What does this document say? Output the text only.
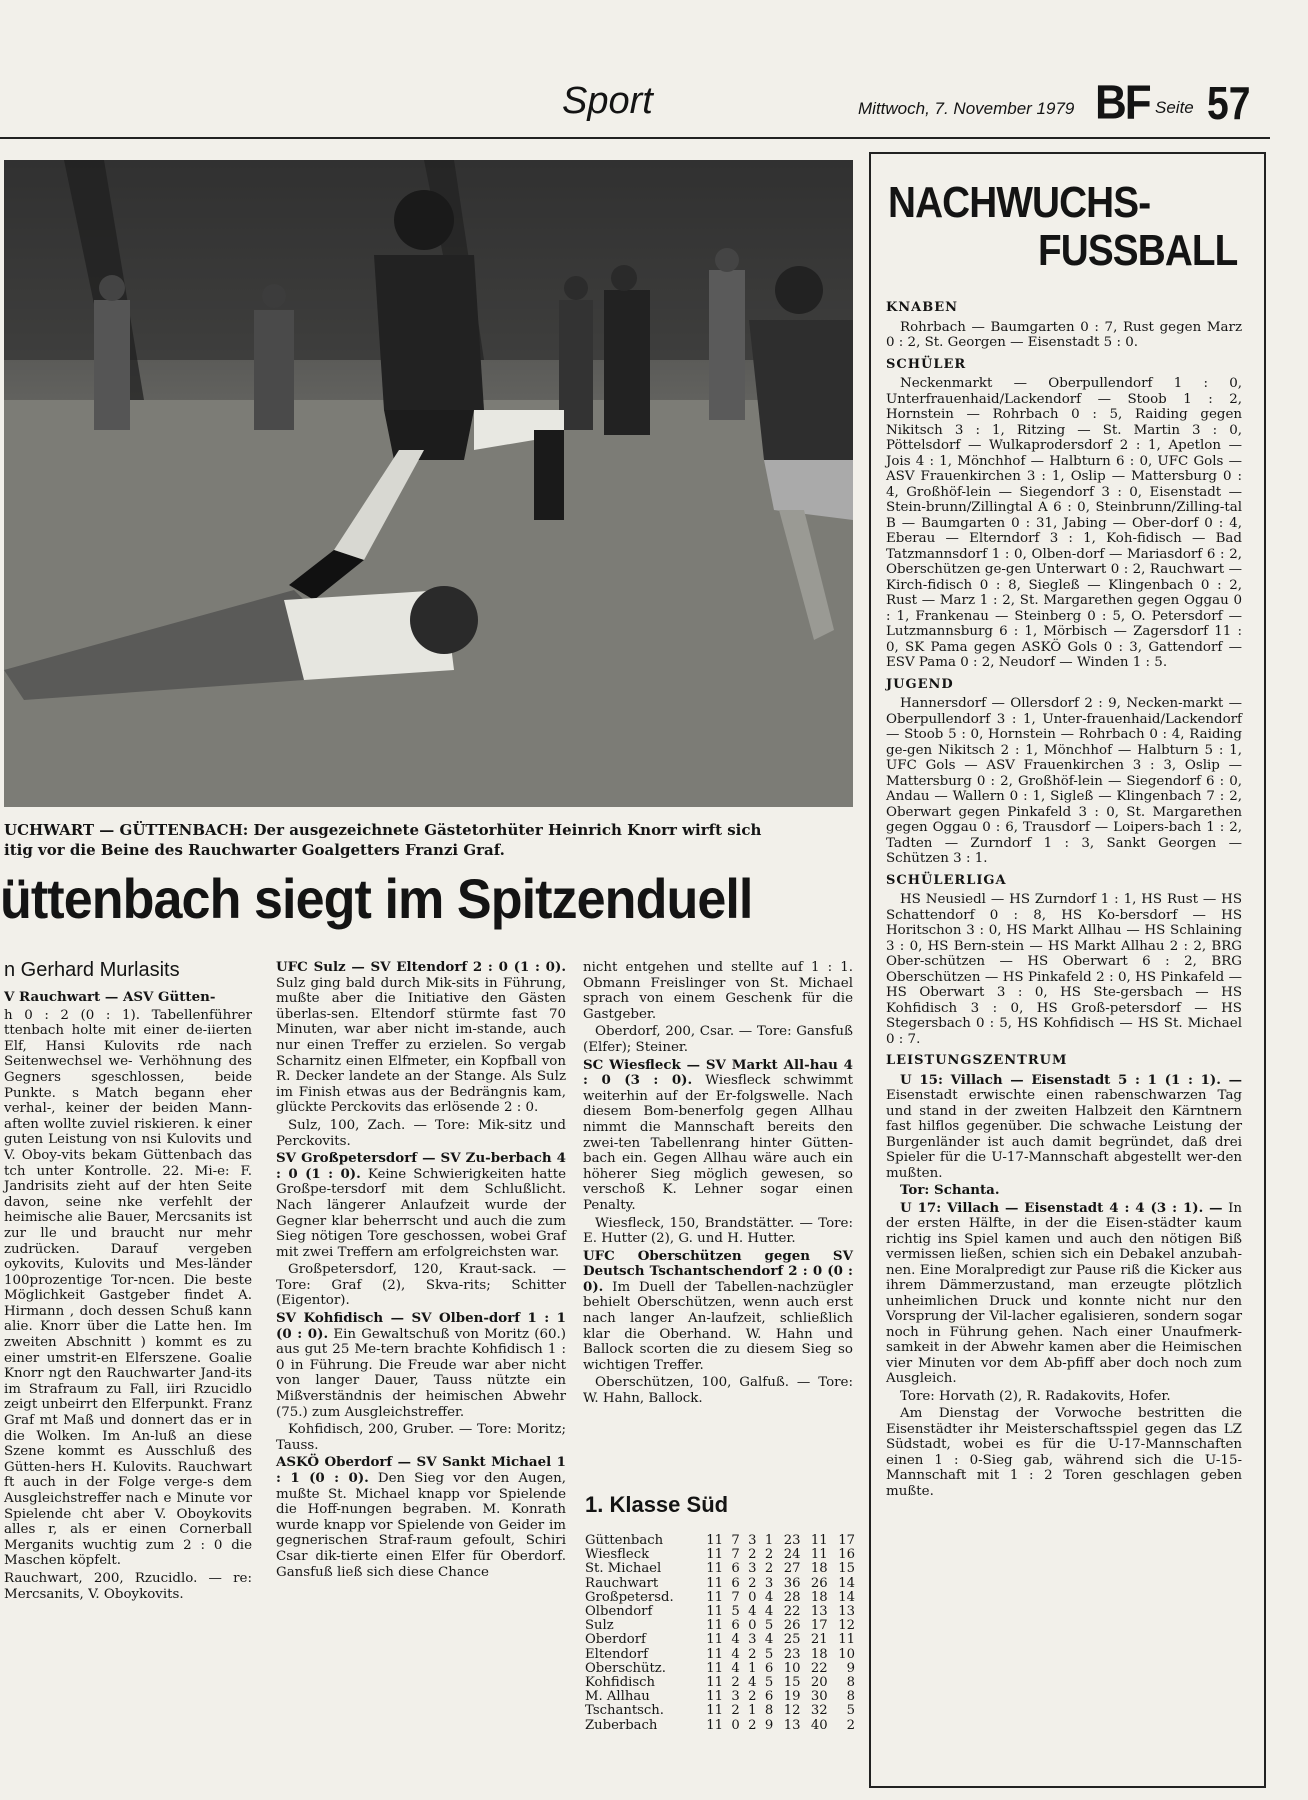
Sport	Mittwoch, 7. November 1979 BF Seite 57
UCHWART — GÜTTENBACH: Der ausgezeichnete Gästetorhüter Heinrich Knorr wirft sich
itig vor die Beine des Rauchwarter Goalgetters Franzi Graf.
üttenbach siegt im Spitzenduell
n Gerhard Murlasits

V Rauchwart — ASV Gütten-

h 0 : 2 (0 : 1). Tabellenführer ttenbach holte mit einer de-iierten Elf, Hansi Kulovits rde nach Seitenwechsel we- Verhöhnung des Gegners sgeschlossen, beide Punkte. s Match begann eher verhal-, keiner der beiden Mann-aften wollte zuviel riskieren. k einer guten Leistung von nsi Kulovits und V. Oboy-vits bekam Güttenbach das tch unter Kontrolle. 22. Mi-e: F. Jandrisits zieht auf der hten Seite davon, seine nke verfehlt der heimische alie Bauer, Mercsanits ist zur lle und braucht nur mehr zudrücken. Darauf vergeben oykovits, Kulovits und Mes-länder 100prozentige Tor-ncen. Die beste Möglichkeit Gastgeber findet A. Hirmann , doch dessen Schuß kann alie. Knorr über die Latte hen. Im zweiten Abschnitt ) kommt es zu einer umstrit-en Elferszene. Goalie Knorr ngt den Rauchwarter Jand-its im Strafraum zu Fall, iiri Rzucidlo zeigt unbeirrt den Elferpunkt. Franz Graf mt Maß und donnert das er in die Wolken. Im An-luß an diese Szene kommt es Ausschluß des Gütten-hers H. Kulovits. Rauchwart ft auch in der Folge verge-s dem Ausgleichstreffer nach e Minute vor Spielende cht aber V. Oboykovits alles r, als er einen Cornerball Merganits wuchtig zum 2 : 0 die Maschen köpfelt.

Rauchwart, 200, Rzucidlo. — re: Mercsanits, V. Oboykovits.

UFC Sulz — SV Eltendorf 2 : 0 (1 : 0). Sulz ging bald durch Mik-sits in Führung, mußte aber die Initiative den Gästen überlas-sen. Eltendorf stürmte fast 70 Minuten, war aber nicht im-stande, auch nur einen Treffer zu erzielen. So vergab Scharnitz einen Elfmeter, ein Kopfball von R. Decker landete an der Stange. Als Sulz im Finish etwas aus der Bedrängnis kam, glückte Perckovits das erlösende 2 : 0.

Sulz, 100, Zach. — Tore: Mik-sitz und Perckovits.

SV Großpetersdorf — SV Zu-berbach 4 : 0 (1 : 0). Keine Schwierigkeiten hatte Großpe-tersdorf mit dem Schlußlicht. Nach längerer Anlaufzeit wurde der Gegner klar beherrscht und auch die zum Sieg nötigen Tore geschossen, wobei Graf mit zwei Treffern am erfolgreichsten war.

Großpetersdorf, 120, Kraut-sack. — Tore: Graf (2), Skva-rits; Schitter (Eigentor).

SV Kohfidisch — SV Olben-dorf 1 : 1 (0 : 0). Ein Gewaltschuß von Moritz (60.) aus gut 25 Me-tern brachte Kohfidisch 1 : 0 in Führung. Die Freude war aber nicht von langer Dauer, Tauss nützte ein Mißverständnis der heimischen Abwehr (75.) zum Ausgleichstreffer.

Kohfidisch, 200, Gruber. — Tore: Moritz; Tauss.

ASKÖ Oberdorf — SV Sankt Michael 1 : 1 (0 : 0). Den Sieg vor den Augen, mußte St. Michael knapp vor Spielende die Hoff-nungen begraben. M. Konrath wurde knapp vor Spielende von Geider im gegnerischen Straf-raum gefoult, Schiri Csar dik-tierte einen Elfer für Oberdorf. Gansfuß ließ sich diese Chance

nicht entgehen und stellte auf 1 : 1. Obmann Freislinger von St. Michael sprach von einem Geschenk für die Gastgeber.

Oberdorf, 200, Csar. — Tore: Gansfuß (Elfer); Steiner.

SC Wiesfleck — SV Markt All-hau 4 : 0 (3 : 0). Wiesfleck schwimmt weiterhin auf der Er-folgswelle. Nach diesem Bom-benerfolg gegen Allhau nimmt die Mannschaft bereits den zwei-ten Tabellenrang hinter Gütten-bach ein. Gegen Allhau wäre auch ein höherer Sieg möglich gewesen, so verschoß K. Lehner sogar einen Penalty.

Wiesfleck, 150, Brandstätter. — Tore: E. Hutter (2), G. und H. Hutter.

UFC Oberschützen gegen SV Deutsch Tschantschendorf 2 : 0 (0 : 0). Im Duell der Tabellen-nachzügler behielt Oberschützen, wenn auch erst nach langer An-laufzeit, schließlich klar die Oberhand. W. Hahn und Ballock scorten die zu diesem Sieg so wichtigen Treffer.

Oberschützen, 100, Galfuß. — Tore: W. Hahn, Ballock.

1. Klasse Süd
Güttenbach	11	7	3	1	23	11	17
Wiesfleck	11	7	2	2	24	11	16
St. Michael	11	6	3	2	27	18	15
Rauchwart	11	6	2	3	36	26	14
Großpetersd.	11	7	0	4	28	18	14
Olbendorf	11	5	4	4	22	13	13
Sulz	11	6	0	5	26	17	12
Oberdorf	11	4	3	4	25	21	11
Eltendorf	11	4	2	5	23	18	10
Oberschütz.	11	4	1	6	10	22	9
Kohfidisch	11	2	4	5	15	20	8
M. Allhau	11	3	2	6	19	30	8
Tschantsch.	11	2	1	8	12	32	5
Zuberbach	11	0	2	9	13	40	2
NACHWUCHS-
FUSSBALL
KNABEN

Rohrbach — Baumgarten 0 : 7, Rust gegen Marz 0 : 2, St. Georgen — Eisenstadt 5 : 0.

SCHÜLER

Neckenmarkt — Oberpullendorf 1 : 0, Unterfrauenhaid/Lackendorf — Stoob 1 : 2, Hornstein — Rohrbach 0 : 5, Raiding gegen Nikitsch 3 : 1, Ritzing — St. Martin 3 : 0, Pöttelsdorf — Wulkaprodersdorf 2 : 1, Apetlon — Jois 4 : 1, Mönchhof — Halbturn 6 : 0, UFC Gols — ASV Frauenkirchen 3 : 1, Oslip — Mattersburg 0 : 4, Großhöf-lein — Siegendorf 3 : 0, Eisenstadt — Stein-brunn/Zillingtal A 6 : 0, Steinbrunn/Zilling-tal B — Baumgarten 0 : 31, Jabing — Ober-dorf 0 : 4, Eberau — Elterndorf 3 : 1, Koh-fidisch — Bad Tatzmannsdorf 1 : 0, Olben-dorf — Mariasdorf 6 : 2, Oberschützen ge-gen Unterwart 0 : 2, Rauchwart — Kirch-fidisch 0 : 8, Siegleß — Klingenbach 0 : 2, Rust — Marz 1 : 2, St. Margarethen gegen Oggau 0 : 1, Frankenau — Steinberg 0 : 5, O. Petersdorf — Lutzmannsburg 6 : 1, Mörbisch — Zagersdorf 11 : 0, SK Pama gegen ASKÖ Gols 0 : 3, Gattendorf — ESV Pama 0 : 2, Neudorf — Winden 1 : 5.

JUGEND

Hannersdorf — Ollersdorf 2 : 9, Necken-markt — Oberpullendorf 3 : 1, Unter-frauenhaid/Lackendorf — Stoob 5 : 0, Hornstein — Rohrbach 0 : 4, Raiding ge-gen Nikitsch 2 : 1, Mönchhof — Halbturn 5 : 1, UFC Gols — ASV Frauenkirchen 3 : 3, Oslip — Mattersburg 0 : 2, Großhöf-lein — Siegendorf 6 : 0, Andau — Wallern 0 : 1, Sigleß — Klingenbach 7 : 2, Oberwart gegen Pinkafeld 3 : 0, St. Margarethen gegen Oggau 0 : 6, Trausdorf — Loipers-bach 1 : 2, Tadten — Zurndorf 1 : 3, Sankt Georgen — Schützen 3 : 1.

SCHÜLERLIGA

HS Neusiedl — HS Zurndorf 1 : 1, HS Rust — HS Schattendorf 0 : 8, HS Ko-bersdorf — HS Horitschon 3 : 0, HS Markt Allhau — HS Schlaining 3 : 0, HS Bern-stein — HS Markt Allhau 2 : 2, BRG Ober-schützen — HS Oberwart 6 : 2, BRG Oberschützen — HS Pinkafeld 2 : 0, HS Pinkafeld — HS Oberwart 3 : 0, HS Ste-gersbach — HS Kohfidisch 3 : 0, HS Groß-petersdorf — HS Stegersbach 0 : 5, HS Kohfidisch — HS St. Michael 0 : 7.

LEISTUNGSZENTRUM

U 15: Villach — Eisenstadt 5 : 1 (1 : 1). — Eisenstadt erwischte einen rabenschwarzen Tag und stand in der zweiten Halbzeit den Kärntnern fast hilflos gegenüber. Die schwache Leistung der Burgenländer ist auch damit begründet, daß drei Spieler für die U-17-Mannschaft abgestellt wer-den mußten.

Tor: Schanta.

U 17: Villach — Eisenstadt 4 : 4 (3 : 1). — In der ersten Hälfte, in der die Eisen-städter kaum richtig ins Spiel kamen und auch den nötigen Biß vermissen ließen, schien sich ein Debakel anzubah-nen. Eine Moralpredigt zur Pause riß die Kicker aus ihrem Dämmerzustand, man erzeugte plötzlich unheimlichen Druck und konnte nicht nur den Vorsprung der Vil-lacher egalisieren, sondern sogar noch in Führung gehen. Nach einer Unaufmerk-samkeit in der Abwehr kamen aber die Heimischen vier Minuten vor dem Ab-pfiff aber doch noch zum Ausgleich.

Tore: Horvath (2), R. Radakovits, Hofer.

Am Dienstag der Vorwoche bestritten die Eisenstädter ihr Meisterschaftsspiel gegen das LZ Südstadt, wobei es für die U-17-Mannschaften einen 1 : 0-Sieg gab, während sich die U-15-Mannschaft mit 1 : 2 Toren geschlagen geben mußte.
